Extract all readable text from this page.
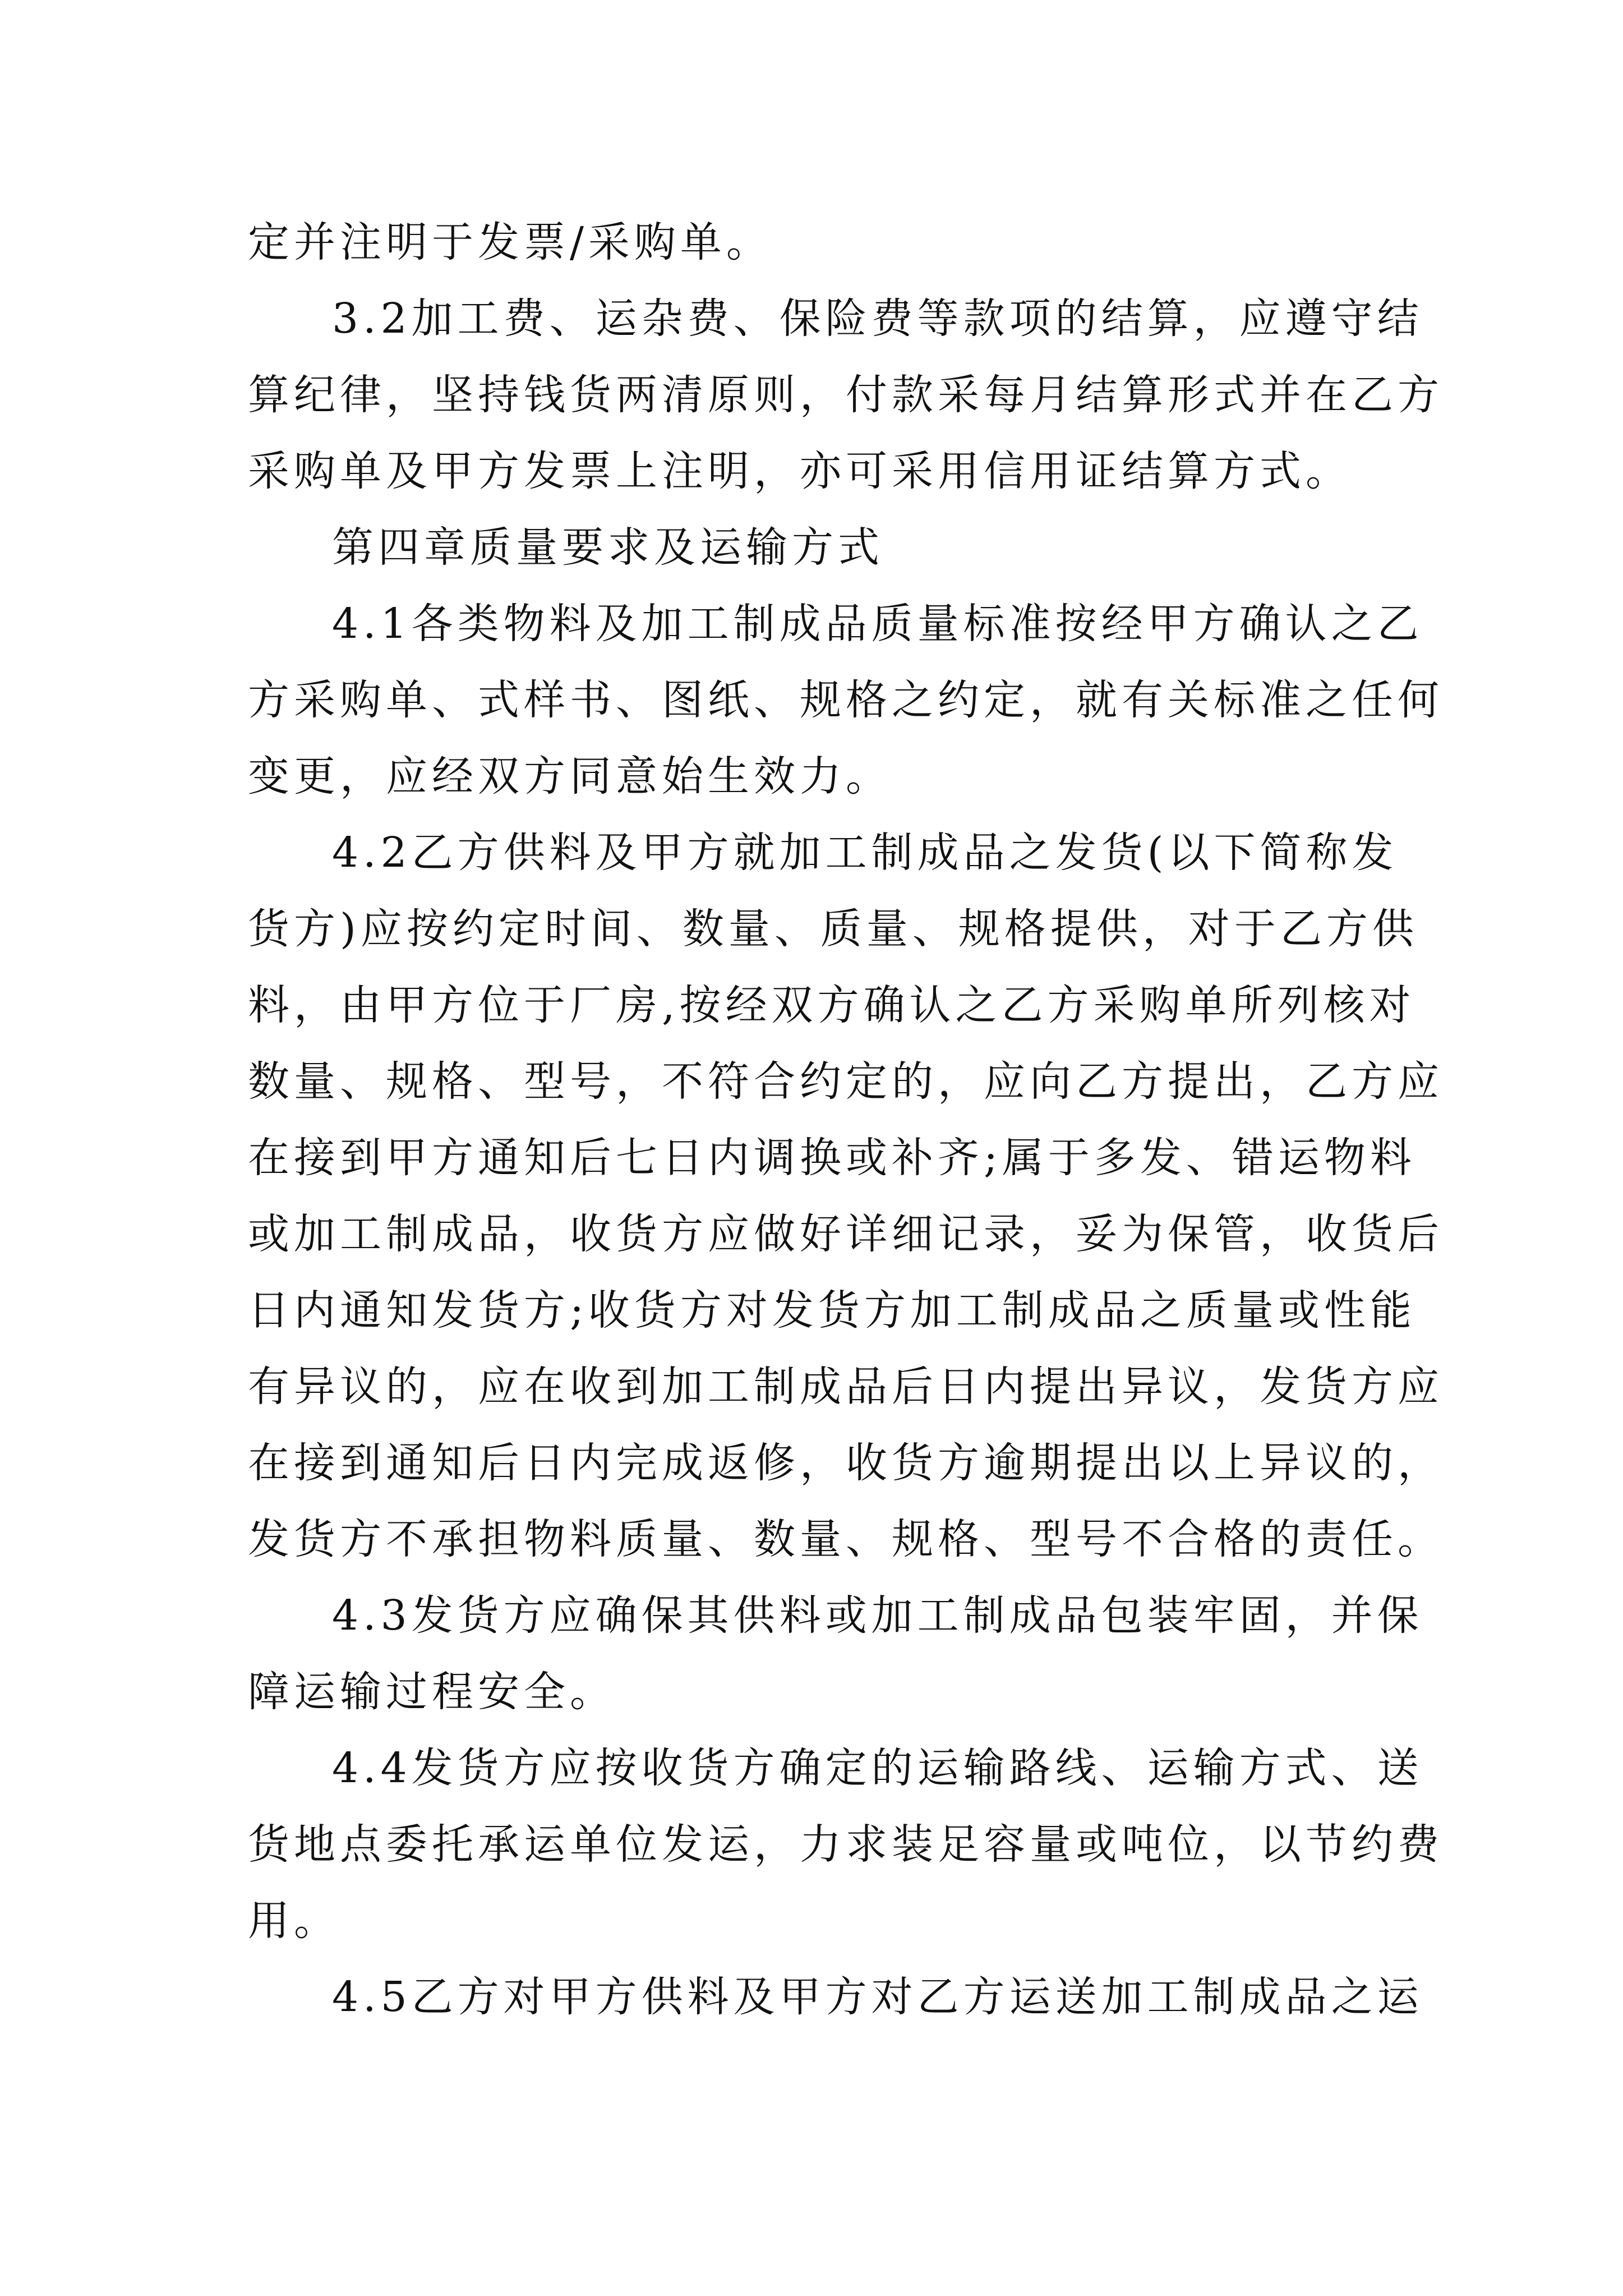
定并注明于发票/采购单。
3.2加工费、运杂费、保险费等款项的结算，应遵守结
算纪律，坚持钱货两清原则，付款采每月结算形式并在乙方
采购单及甲方发票上注明，亦可采用信用证结算方式。
第四章质量要求及运输方式
4.1各类物料及加工制成品质量标准按经甲方确认之乙
方采购单、式样书、图纸、规格之约定，就有关标准之任何
变更，应经双方同意始生效力。
4.2乙方供料及甲方就加工制成品之发货(以下简称发
货方)应按约定时间、数量、质量、规格提供，对于乙方供
料，由甲方位于厂房,按经双方确认之乙方采购单所列核对
数量、规格、型号，不符合约定的，应向乙方提出，乙方应
在接到甲方通知后七日内调换或补齐;属于多发、错运物料
或加工制成品，收货方应做好详细记录，妥为保管，收货后
日内通知发货方;收货方对发货方加工制成品之质量或性能
有异议的，应在收到加工制成品后日内提出异议，发货方应
在接到通知后日内完成返修，收货方逾期提出以上异议的，
发货方不承担物料质量、数量、规格、型号不合格的责任。
4.3发货方应确保其供料或加工制成品包装牢固，并保
障运输过程安全。
4.4发货方应按收货方确定的运输路线、运输方式、送
货地点委托承运单位发运，力求装足容量或吨位，以节约费
用。
4.5乙方对甲方供料及甲方对乙方运送加工制成品之运
